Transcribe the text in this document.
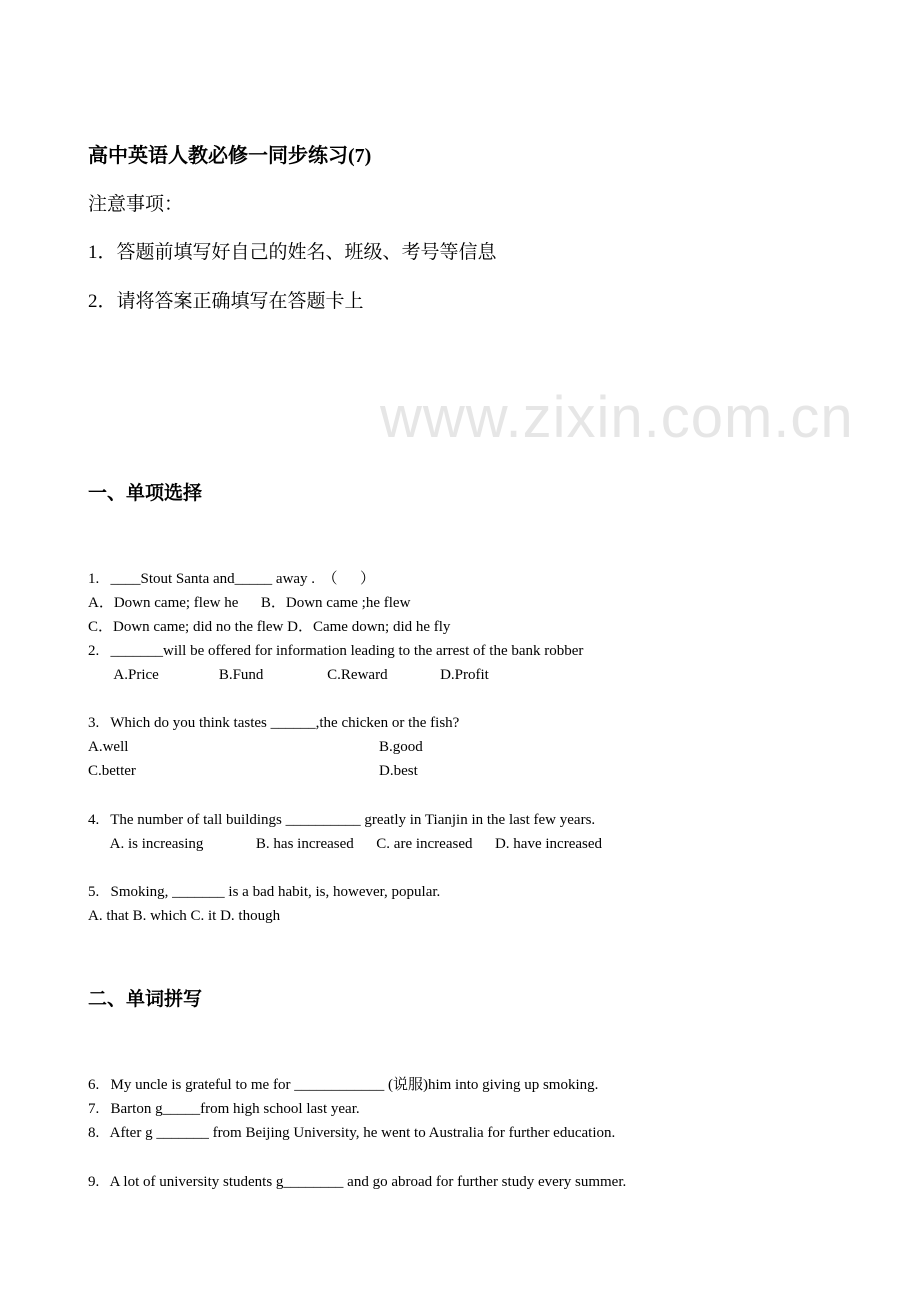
www.zixin.com.cn
高中英语人教必修一同步练习(7)
注意事项：
1．答题前填写好自己的姓名、班级、考号等信息
2．请将答案正确填写在答题卡上
一、单项选择
1.   ____Stout Santa and_____ away .  （      ）
A．Down came; flew he      B．Down came ;he flew
C．Down came; did no the flew D．Came down; did he fly
2.   _______will be offered for information leading to the arrest of the bank robber
A.Price                B.Fund                 C.Reward              D.Profit
3.   Which do you think tastes ______,the chicken or the fish?
A.well	B.good
C.better	D.best
4.   The number of tall buildings __________ greatly in Tianjin in the last few years.
A. is increasing              B. has increased      C. are increased      D. have increased
5.   Smoking, _______ is a bad habit, is, however, popular.
A. that B. which C. it D. though
二、单词拼写
6.   My uncle is grateful to me for ____________ (说服)him into giving up smoking.
7.   Barton g_____from high school last year.
8.   After g _______ from Beijing University, he went to Australia for further education.
9.   A lot of university students g________ and go abroad for further study every summer.
